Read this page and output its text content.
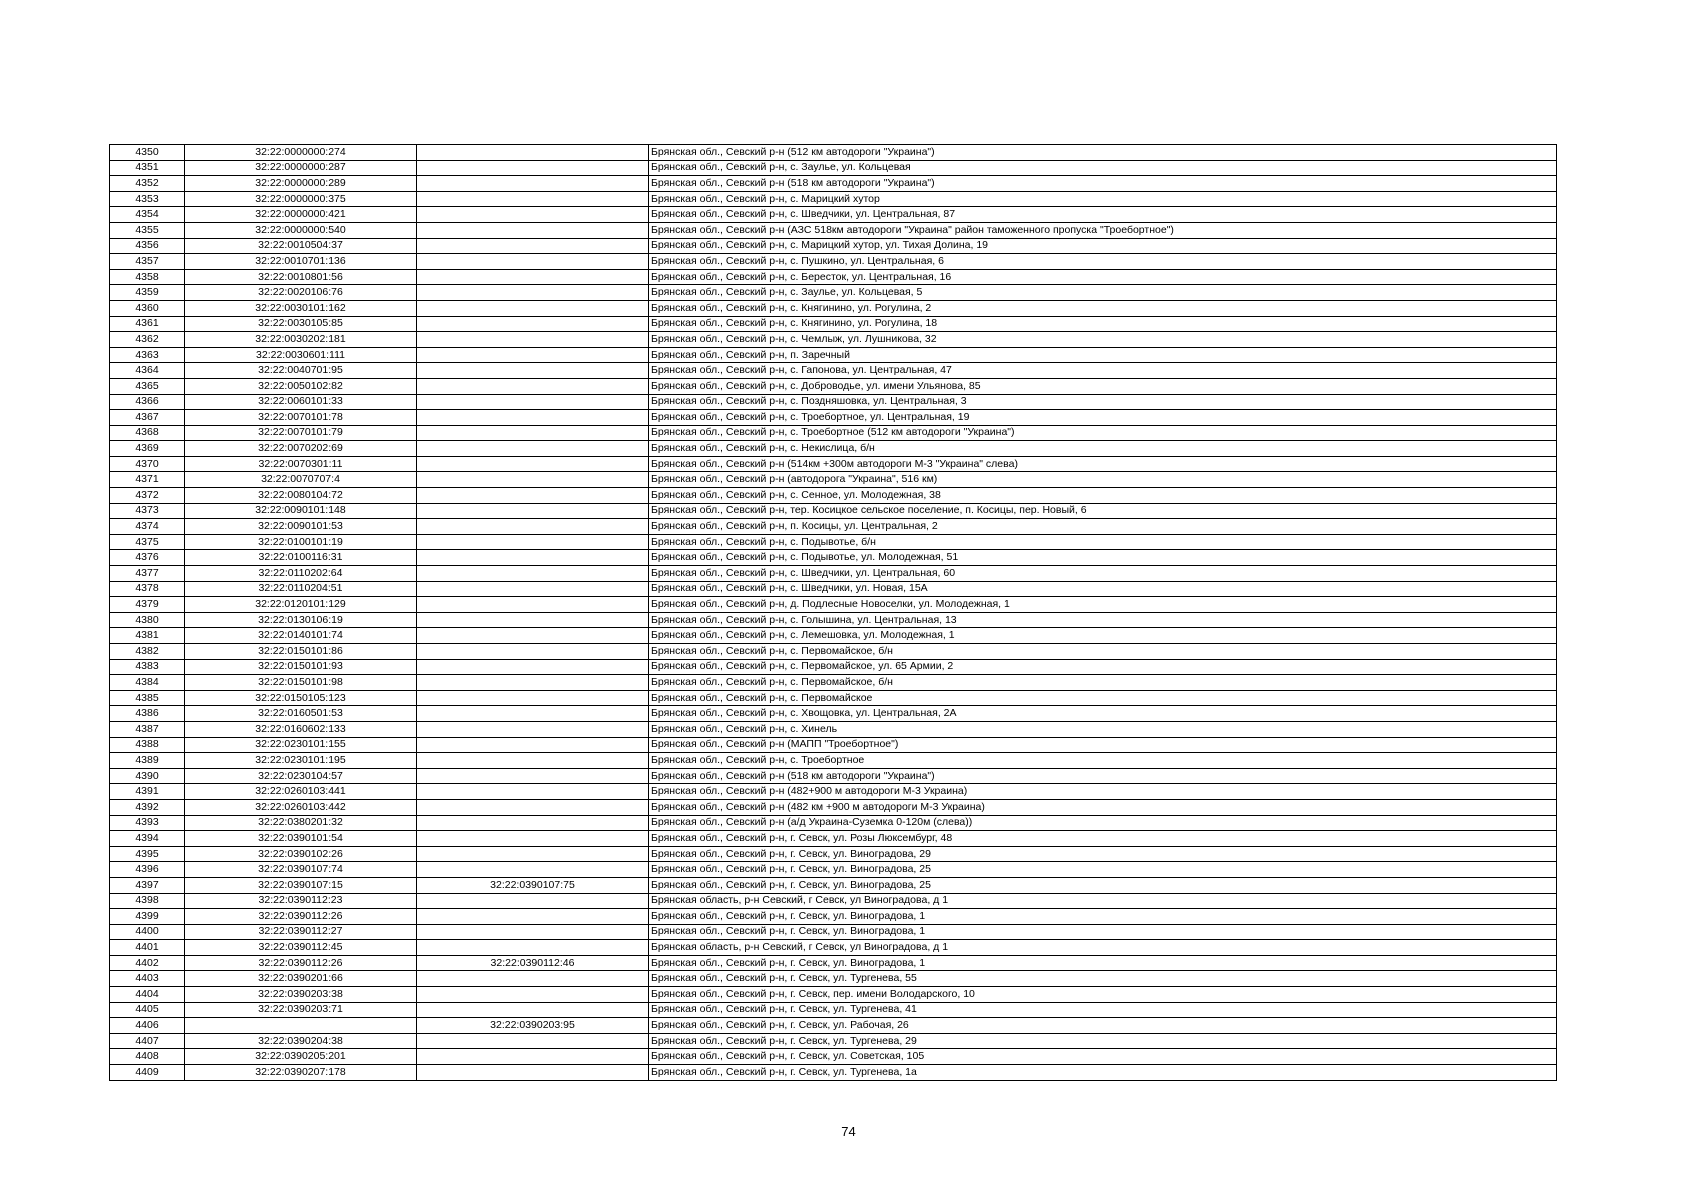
4350	32:22:0000000:274		Брянская обл., Севский р-н (512 км автодороги "Украина")
4351	32:22:0000000:287		Брянская обл., Севский р-н, с. Заулье, ул. Кольцевая
4352	32:22:0000000:289		Брянская обл., Севский р-н (518 км автодороги "Украина")
4353	32:22:0000000:375		Брянская обл., Севский р-н, с. Марицкий хутор
4354	32:22:0000000:421		Брянская обл., Севский р-н, с. Шведчики, ул. Центральная, 87
4355	32:22:0000000:540		Брянская обл., Севский р-н (АЗС 518км автодороги "Украина" район таможенного пропуска "Троебортное")
4356	32:22:0010504:37		Брянская обл., Севский р-н, с. Марицкий хутор, ул. Тихая Долина, 19
4357	32:22:0010701:136		Брянская обл., Севский р-н, с. Пушкино, ул. Центральная, 6
4358	32:22:0010801:56		Брянская обл., Севский р-н, с. Бересток, ул. Центральная, 16
4359	32:22:0020106:76		Брянская обл., Севский р-н, с. Заулье, ул. Кольцевая, 5
4360	32:22:0030101:162		Брянская обл., Севский р-н, с. Княгинино, ул. Рогулина, 2
4361	32:22:0030105:85		Брянская обл., Севский р-н, с. Княгинино, ул. Рогулина, 18
4362	32:22:0030202:181		Брянская обл., Севский р-н, с. Чемлыж, ул. Лушникова, 32
4363	32:22:0030601:111		Брянская обл., Севский р-н, п. Заречный
4364	32:22:0040701:95		Брянская обл., Севский р-н, с. Гапонова, ул. Центральная, 47
4365	32:22:0050102:82		Брянская обл., Севский р-н, с. Доброводье, ул. имени Ульянова, 85
4366	32:22:0060101:33		Брянская обл., Севский р-н, с. Поздняшовка, ул. Центральная, 3
4367	32:22:0070101:78		Брянская обл., Севский р-н, с. Троебортное, ул. Центральная, 19
4368	32:22:0070101:79		Брянская обл., Севский р-н, с. Троебортное (512 км автодороги "Украина")
4369	32:22:0070202:69		Брянская обл., Севский р-н, с. Некислица, б/н
4370	32:22:0070301:11		Брянская обл., Севский р-н (514км +300м автодороги М-3 "Украина" слева)
4371	32:22:0070707:4		Брянская обл., Севский р-н (автодорога "Украина", 516 км)
4372	32:22:0080104:72		Брянская обл., Севский р-н, с. Сенное, ул. Молодежная, 38
4373	32:22:0090101:148		Брянская обл., Севский р-н, тер. Косицкое сельское поселение, п. Косицы, пер. Новый, 6
4374	32:22:0090101:53		Брянская обл., Севский р-н, п. Косицы, ул. Центральная, 2
4375	32:22:0100101:19		Брянская обл., Севский р-н, с. Подывотье, б/н
4376	32:22:0100116:31		Брянская обл., Севский р-н, с. Подывотье, ул. Молодежная, 51
4377	32:22:0110202:64		Брянская обл., Севский р-н, с. Шведчики, ул. Центральная, 60
4378	32:22:0110204:51		Брянская обл., Севский р-н, с. Шведчики, ул. Новая, 15А
4379	32:22:0120101:129		Брянская обл., Севский р-н, д. Подлесные Новоселки, ул. Молодежная, 1
4380	32:22:0130106:19		Брянская обл., Севский р-н, с. Голышина, ул. Центральная, 13
4381	32:22:0140101:74		Брянская обл., Севский р-н, с. Лемешовка, ул. Молодежная, 1
4382	32:22:0150101:86		Брянская обл., Севский р-н, с. Первомайское, б/н
4383	32:22:0150101:93		Брянская обл., Севский р-н, с. Первомайское, ул. 65 Армии, 2
4384	32:22:0150101:98		Брянская обл., Севский р-н, с. Первомайское, б/н
4385	32:22:0150105:123		Брянская обл., Севский р-н, с. Первомайское
4386	32:22:0160501:53		Брянская обл., Севский р-н, с. Хвощовка, ул. Центральная, 2А
4387	32:22:0160602:133		Брянская обл., Севский р-н, с. Хинель
4388	32:22:0230101:155		Брянская обл., Севский р-н (МАПП "Троебортное")
4389	32:22:0230101:195		Брянская обл., Севский р-н, с. Троебортное
4390	32:22:0230104:57		Брянская обл., Севский р-н (518 км автодороги "Украина")
4391	32:22:0260103:441		Брянская обл., Севский р-н (482+900 м автодороги М-3 Украина)
4392	32:22:0260103:442		Брянская обл., Севский р-н (482 км +900 м автодороги М-3 Украина)
4393	32:22:0380201:32		Брянская обл., Севский р-н (а/д Украина-Суземка 0-120м (слева))
4394	32:22:0390101:54		Брянская обл., Севский р-н, г. Севск, ул. Розы Люксембург, 48
4395	32:22:0390102:26		Брянская обл., Севский р-н, г. Севск, ул. Виноградова, 29
4396	32:22:0390107:74		Брянская обл., Севский р-н, г. Севск, ул. Виноградова, 25
4397	32:22:0390107:15	32:22:0390107:75	Брянская обл., Севский р-н, г. Севск, ул. Виноградова, 25
4398	32:22:0390112:23		Брянская область, р-н Севский, г Севск, ул Виноградова, д 1
4399	32:22:0390112:26		Брянская обл., Севский р-н, г. Севск, ул. Виноградова, 1
4400	32:22:0390112:27		Брянская обл., Севский р-н, г. Севск, ул. Виноградова, 1
4401	32:22:0390112:45		Брянская область, р-н Севский, г Севск, ул Виноградова, д 1
4402	32:22:0390112:26	32:22:0390112:46	Брянская обл., Севский р-н, г. Севск, ул. Виноградова, 1
4403	32:22:0390201:66		Брянская обл., Севский р-н, г. Севск, ул. Тургенева, 55
4404	32:22:0390203:38		Брянская обл., Севский р-н, г. Севск, пер. имени Володарского, 10
4405	32:22:0390203:71		Брянская обл., Севский р-н, г. Севск, ул. Тургенева, 41
4406		32:22:0390203:95	Брянская обл., Севский р-н, г. Севск, ул. Рабочая, 26
4407	32:22:0390204:38		Брянская обл., Севский р-н, г. Севск, ул. Тургенева, 29
4408	32:22:0390205:201		Брянская обл., Севский р-н, г. Севск, ул. Советская, 105
4409	32:22:0390207:178		Брянская обл., Севский р-н, г. Севск, ул. Тургенева, 1а
74
